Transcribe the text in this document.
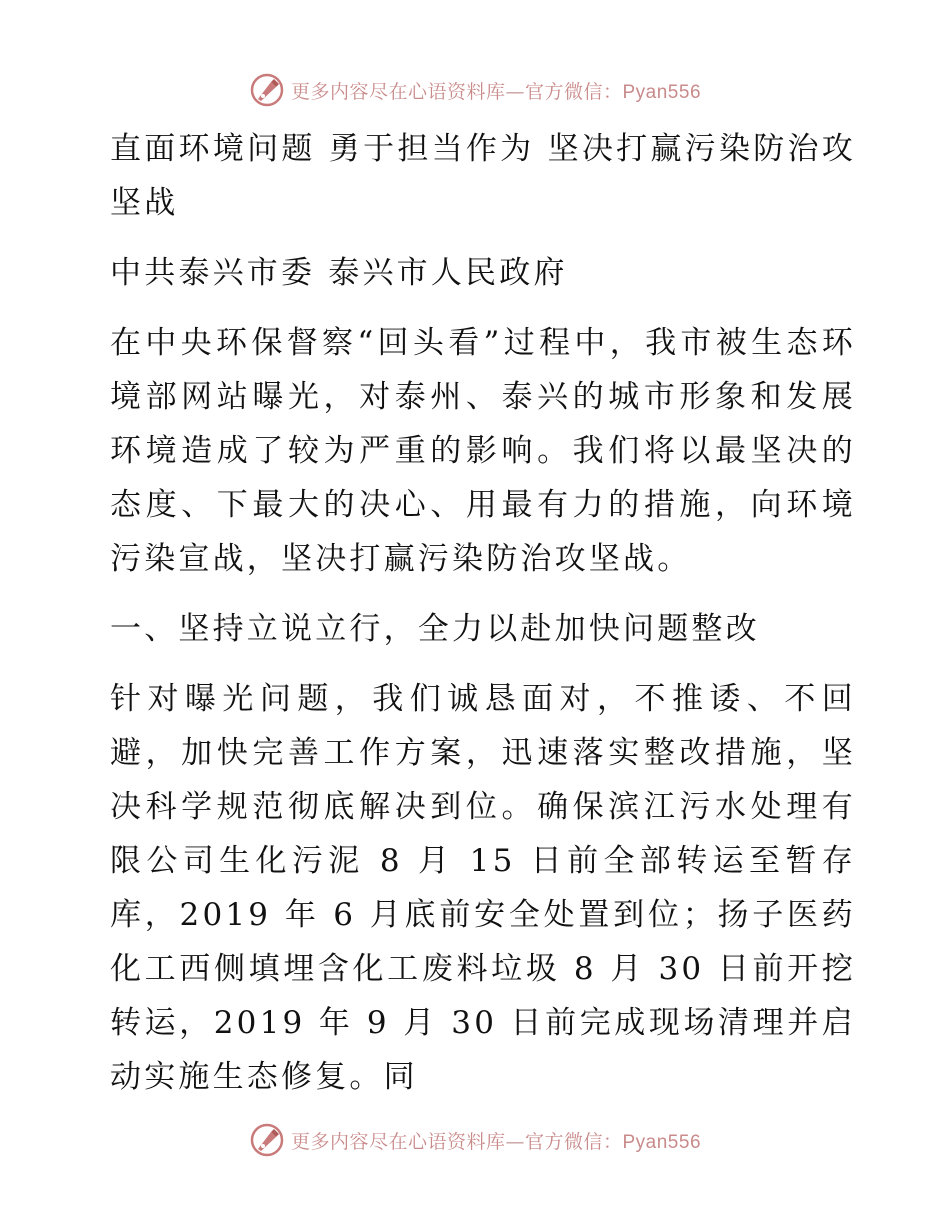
更多内容尽在心语资料库—官方微信：Pyan556

直面环境问题 勇于担当作为 坚决打赢污染防治攻坚战

中共泰兴市委 泰兴市人民政府

在中央环保督察“回头看”过程中，我市被生态环境部网站曝光，对泰州、泰兴的城市形象和发展环境造成了较为严重的影响。我们将以最坚决的态度、下最大的决心、用最有力的措施，向环境污染宣战，坚决打赢污染防治攻坚战。

一、坚持立说立行，全力以赴加快问题整改

针对曝光问题，我们诚恳面对，不推诿、不回避，加快完善工作方案，迅速落实整改措施，坚决科学规范彻底解决到位。确保滨江污水处理有限公司生化污泥 8 月 15 日前全部转运至暂存库，2019 年 6 月底前安全处置到位；扬子医药化工西侧填埋含化工废料垃圾 8 月 30 日前开挖转运，2019 年 9 月 30 日前完成现场清理并启动实施生态修复。同

更多内容尽在心语资料库—官方微信：Pyan556
